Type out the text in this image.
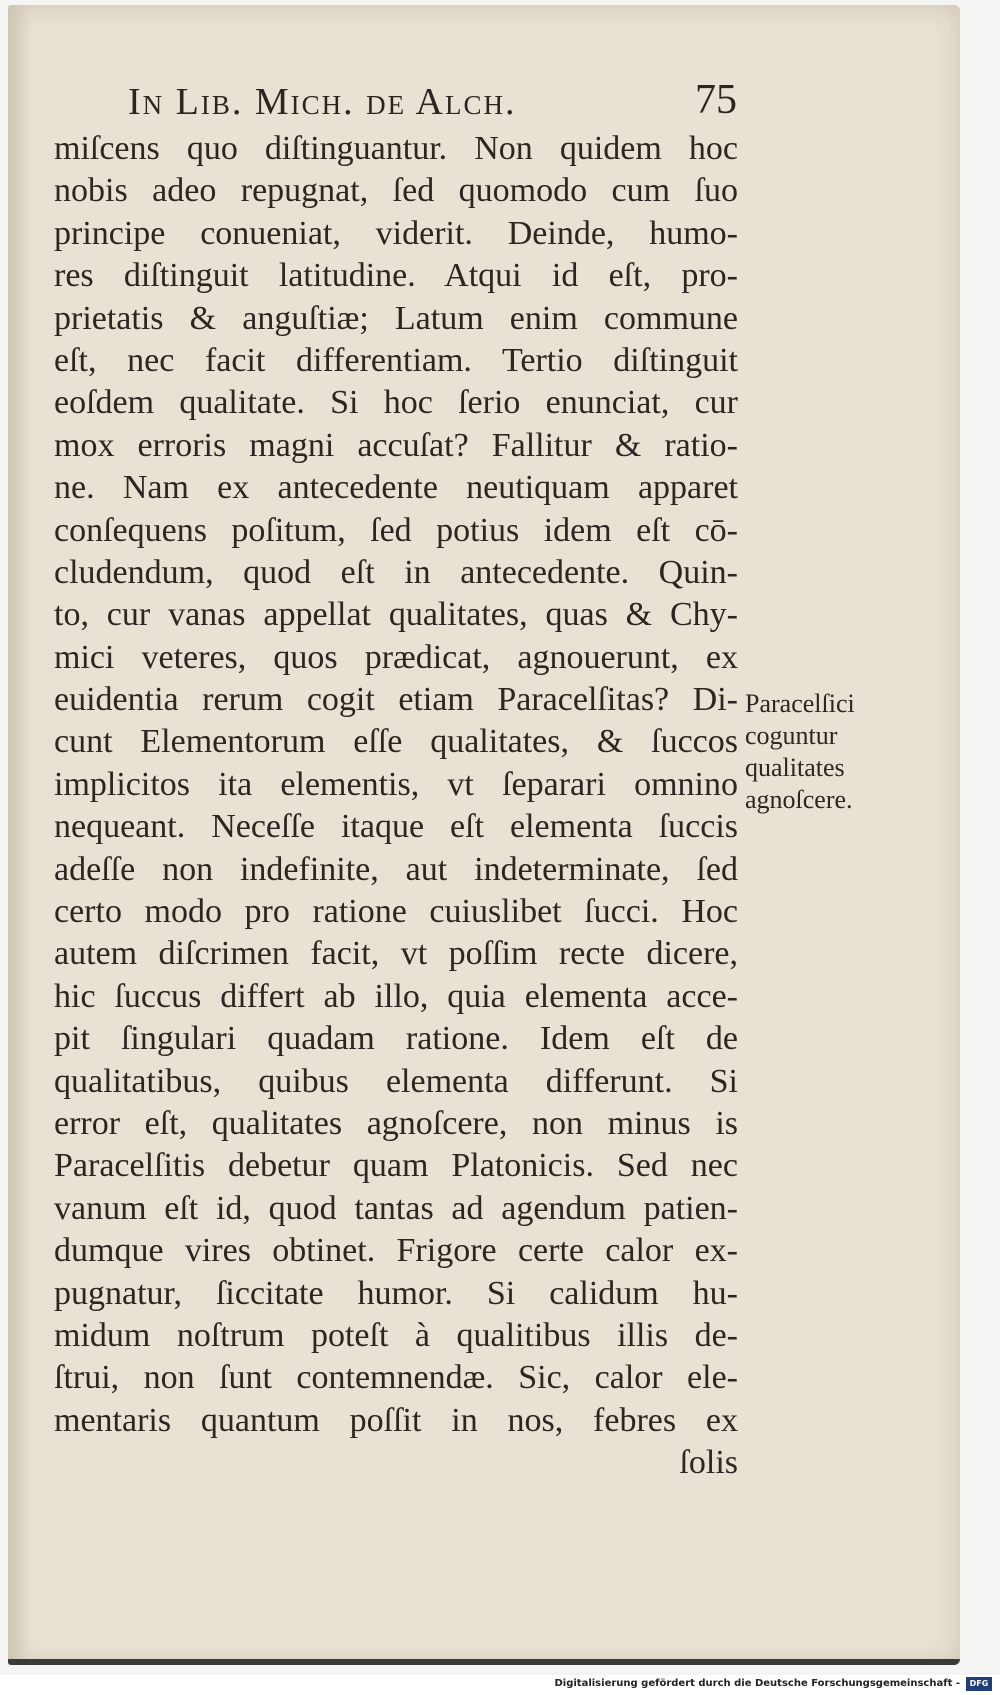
In Lib. Mich. de Alch.	75
miſcens quo diſtinguantur. Non quidem hoc
nobis adeo repugnat, ſed quomodo cum ſuo
principe conueniat, viderit. Deinde, humo-
res diſtinguit latitudine. Atqui id eſt, pro-
prietatis & anguſtiæ; Latum enim commune
eſt, nec facit differentiam. Tertio diſtinguit
eoſdem qualitate. Si hoc ſerio enunciat, cur
mox erroris magni accuſat? Fallitur & ratio-
ne. Nam ex antecedente neutiquam apparet
conſequens poſitum, ſed potius idem eſt cō-
cludendum, quod eſt in antecedente. Quin-
to, cur vanas appellat qualitates, quas & Chy-
mici veteres, quos prædicat, agnouerunt, ex
euidentia rerum cogit etiam Paracelſitas? Di-
cunt Elementorum eſſe qualitates, & ſuccos
implicitos ita elementis, vt ſeparari omnino
nequeant. Neceſſe itaque eſt elementa ſuccis
adeſſe non indefinite, aut indeterminate, ſed
certo modo pro ratione cuiuslibet ſucci. Hoc
autem diſcrimen facit, vt poſſim recte dicere,
hic ſuccus differt ab illo, quia elementa acce-
pit ſingulari quadam ratione. Idem eſt de
qualitatibus, quibus elementa differunt. Si
error eſt, qualitates agnoſcere, non minus is
Paracelſitis debetur quam Platonicis. Sed nec
vanum eſt id, quod tantas ad agendum patien-
dumque vires obtinet. Frigore certe calor ex-
pugnatur, ſiccitate humor. Si calidum hu-
midum noſtrum poteſt à qualitibus illis de-
ſtrui, non ſunt contemnendæ. Sic, calor ele-
mentaris quantum poſſit in nos, febres ex
ſolis
Paracelſici
coguntur
qualitates
agnoſcere.
Digitalisierung gefördert durch die Deutsche Forschungsgemeinschaft -	DFG
